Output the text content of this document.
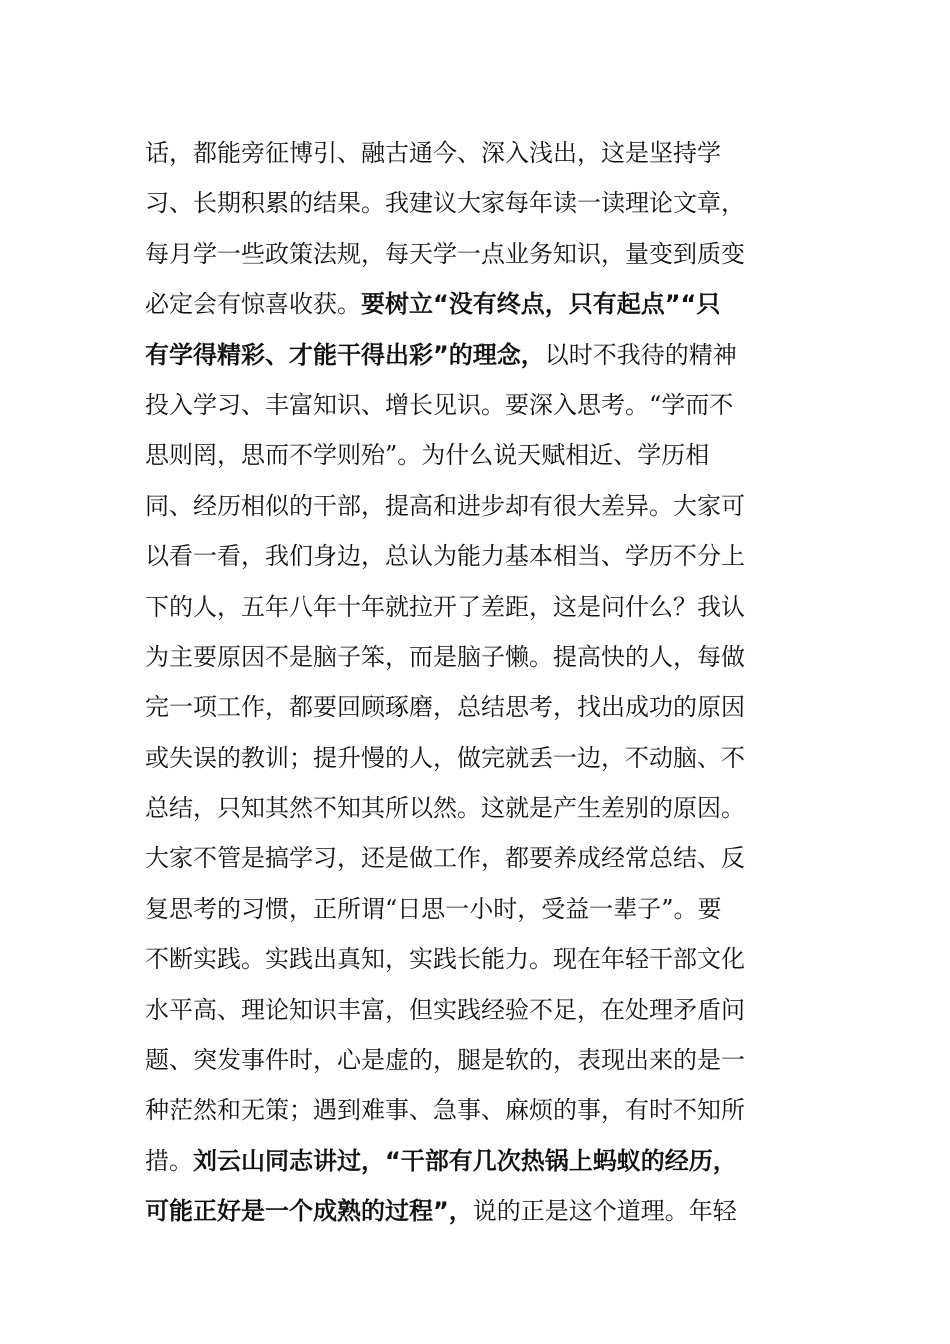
话，都能旁征博引、融古通今、深入浅出，这是坚持学
习、长期积累的结果。我建议大家每年读一读理论文章，
每月学一些政策法规，每天学一点业务知识，量变到质变
必定会有惊喜收获。要树立“没有终点，只有起点”“只
有学得精彩、才能干得出彩”的理念，以时不我待的精神
投入学习、丰富知识、增长见识。要深入思考。“学而不
思则罔，思而不学则殆”。为什么说天赋相近、学历相
同、经历相似的干部，提高和进步却有很大差异。大家可
以看一看，我们身边，总认为能力基本相当、学历不分上
下的人，五年八年十年就拉开了差距，这是问什么？我认
为主要原因不是脑子笨，而是脑子懒。提高快的人，每做
完一项工作，都要回顾琢磨，总结思考，找出成功的原因
或失误的教训；提升慢的人，做完就丢一边，不动脑、不
总结，只知其然不知其所以然。这就是产生差别的原因。
大家不管是搞学习，还是做工作，都要养成经常总结、反
复思考的习惯，正所谓“日思一小时，受益一辈子”。要
不断实践。实践出真知，实践长能力。现在年轻干部文化
水平高、理论知识丰富，但实践经验不足，在处理矛盾问
题、突发事件时，心是虚的，腿是软的，表现出来的是一
种茫然和无策；遇到难事、急事、麻烦的事，有时不知所
措。刘云山同志讲过，“干部有几次热锅上蚂蚁的经历，
可能正好是一个成熟的过程”，说的正是这个道理。年轻
